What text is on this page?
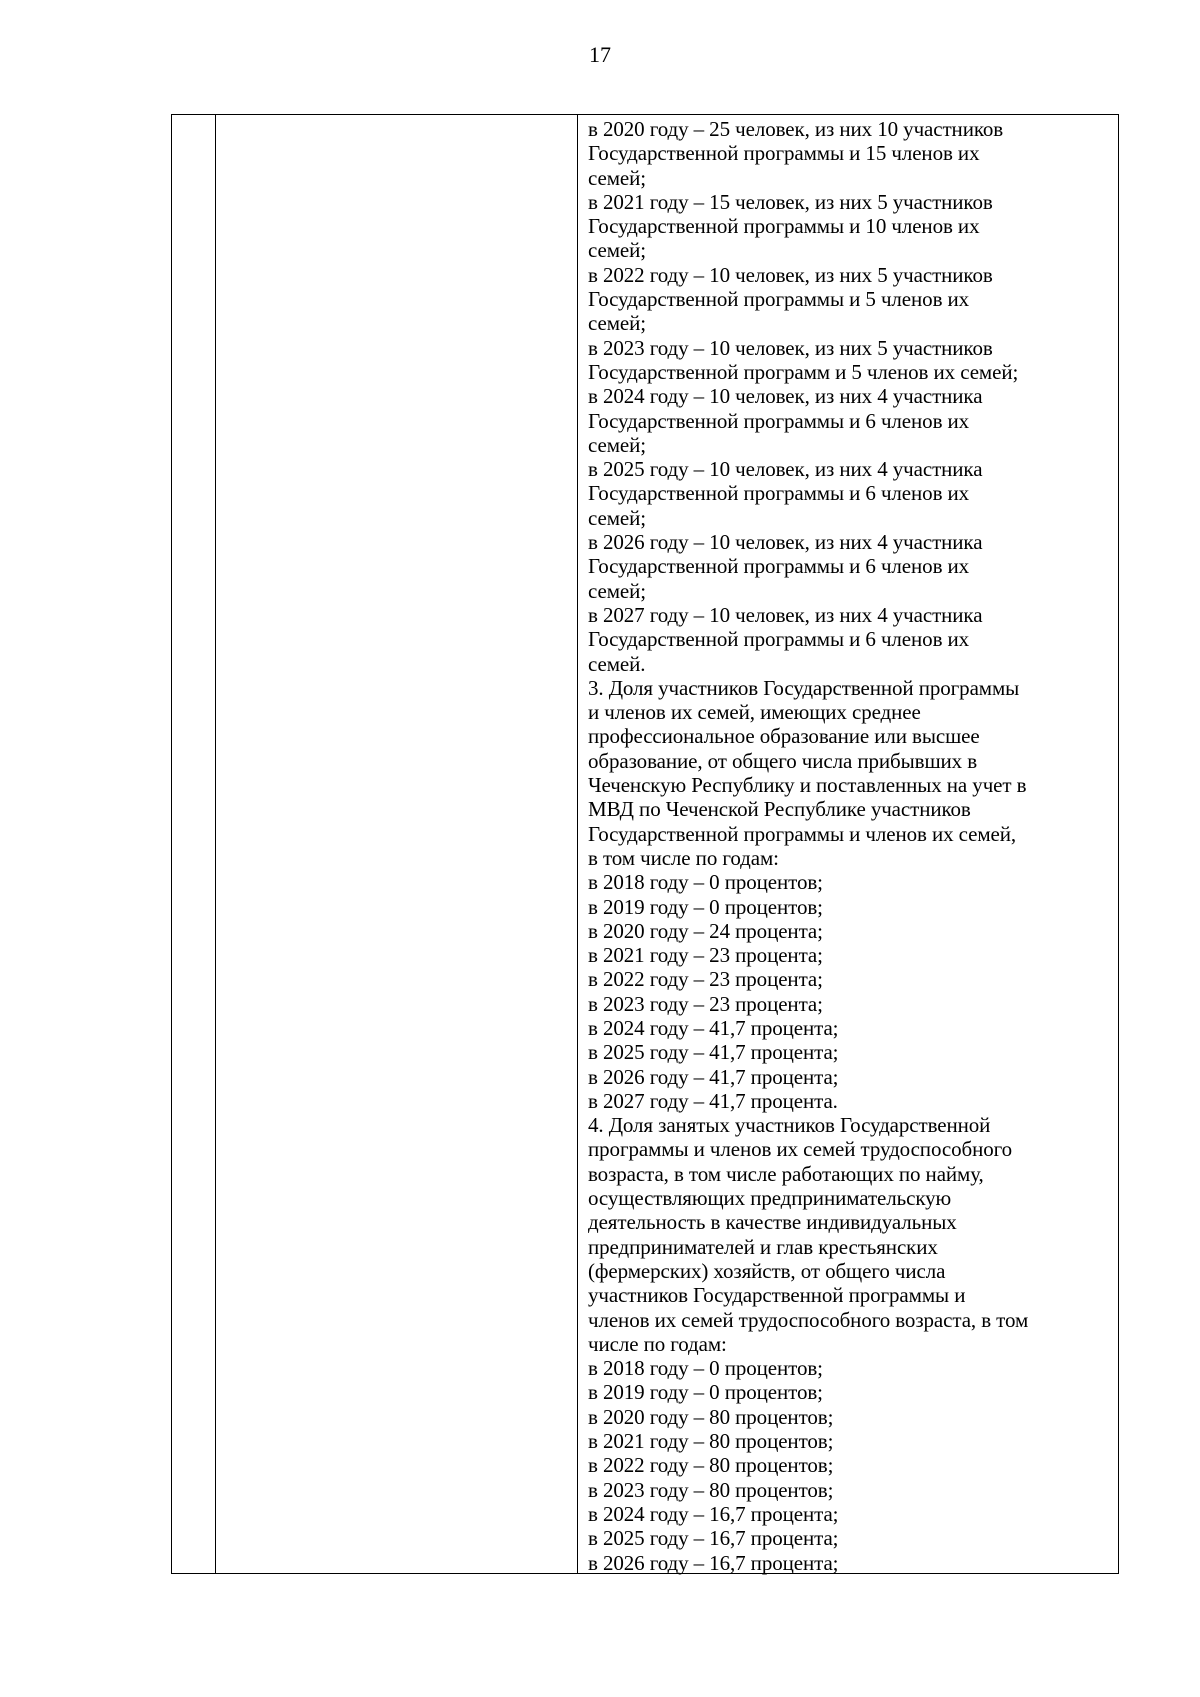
17
в 2020 году – 25 человек, из них 10 участников
Государственной программы и 15 членов их
семей;
в 2021 году – 15 человек, из них 5 участников
Государственной программы и 10 членов их
семей;
в 2022 году – 10 человек, из них 5 участников
Государственной программы и 5 членов их
семей;
в 2023 году – 10 человек, из них 5 участников
Государственной программ и 5 членов их семей;
в 2024 году – 10 человек, из них 4 участника
Государственной программы и 6 членов их
семей;
в 2025 году – 10 человек, из них 4 участника
Государственной программы и 6 членов их
семей;
в 2026 году – 10 человек, из них 4 участника
Государственной программы и 6 членов их
семей;
в 2027 году – 10 человек, из них 4 участника
Государственной программы и 6 членов их
семей.
3. Доля участников Государственной программы
и членов их семей, имеющих среднее
профессиональное образование или высшее
образование, от общего числа прибывших в
Чеченскую Республику и поставленных на учет в
МВД по Чеченской Республике участников
Государственной программы и членов их семей,
в том числе по годам:
в 2018 году – 0 процентов;
в 2019 году – 0 процентов;
в 2020 году – 24 процента;
в 2021 году – 23 процента;
в 2022 году – 23 процента;
в 2023 году – 23 процента;
в 2024 году – 41,7 процента;
в 2025 году – 41,7 процента;
в 2026 году – 41,7 процента;
в 2027 году – 41,7 процента.
4. Доля занятых участников Государственной
программы и членов их семей трудоспособного
возраста, в том числе работающих по найму,
осуществляющих предпринимательскую
деятельность в качестве индивидуальных
предпринимателей и глав крестьянских
(фермерских) хозяйств, от общего числа
участников Государственной программы и
членов их семей трудоспособного возраста, в том
числе по годам:
в 2018 году – 0 процентов;
в 2019 году – 0 процентов;
в 2020 году – 80 процентов;
в 2021 году – 80 процентов;
в 2022 году – 80 процентов;
в 2023 году – 80 процентов;
в 2024 году – 16,7 процента;
в 2025 году – 16,7 процента;
в 2026 году – 16,7 процента;
